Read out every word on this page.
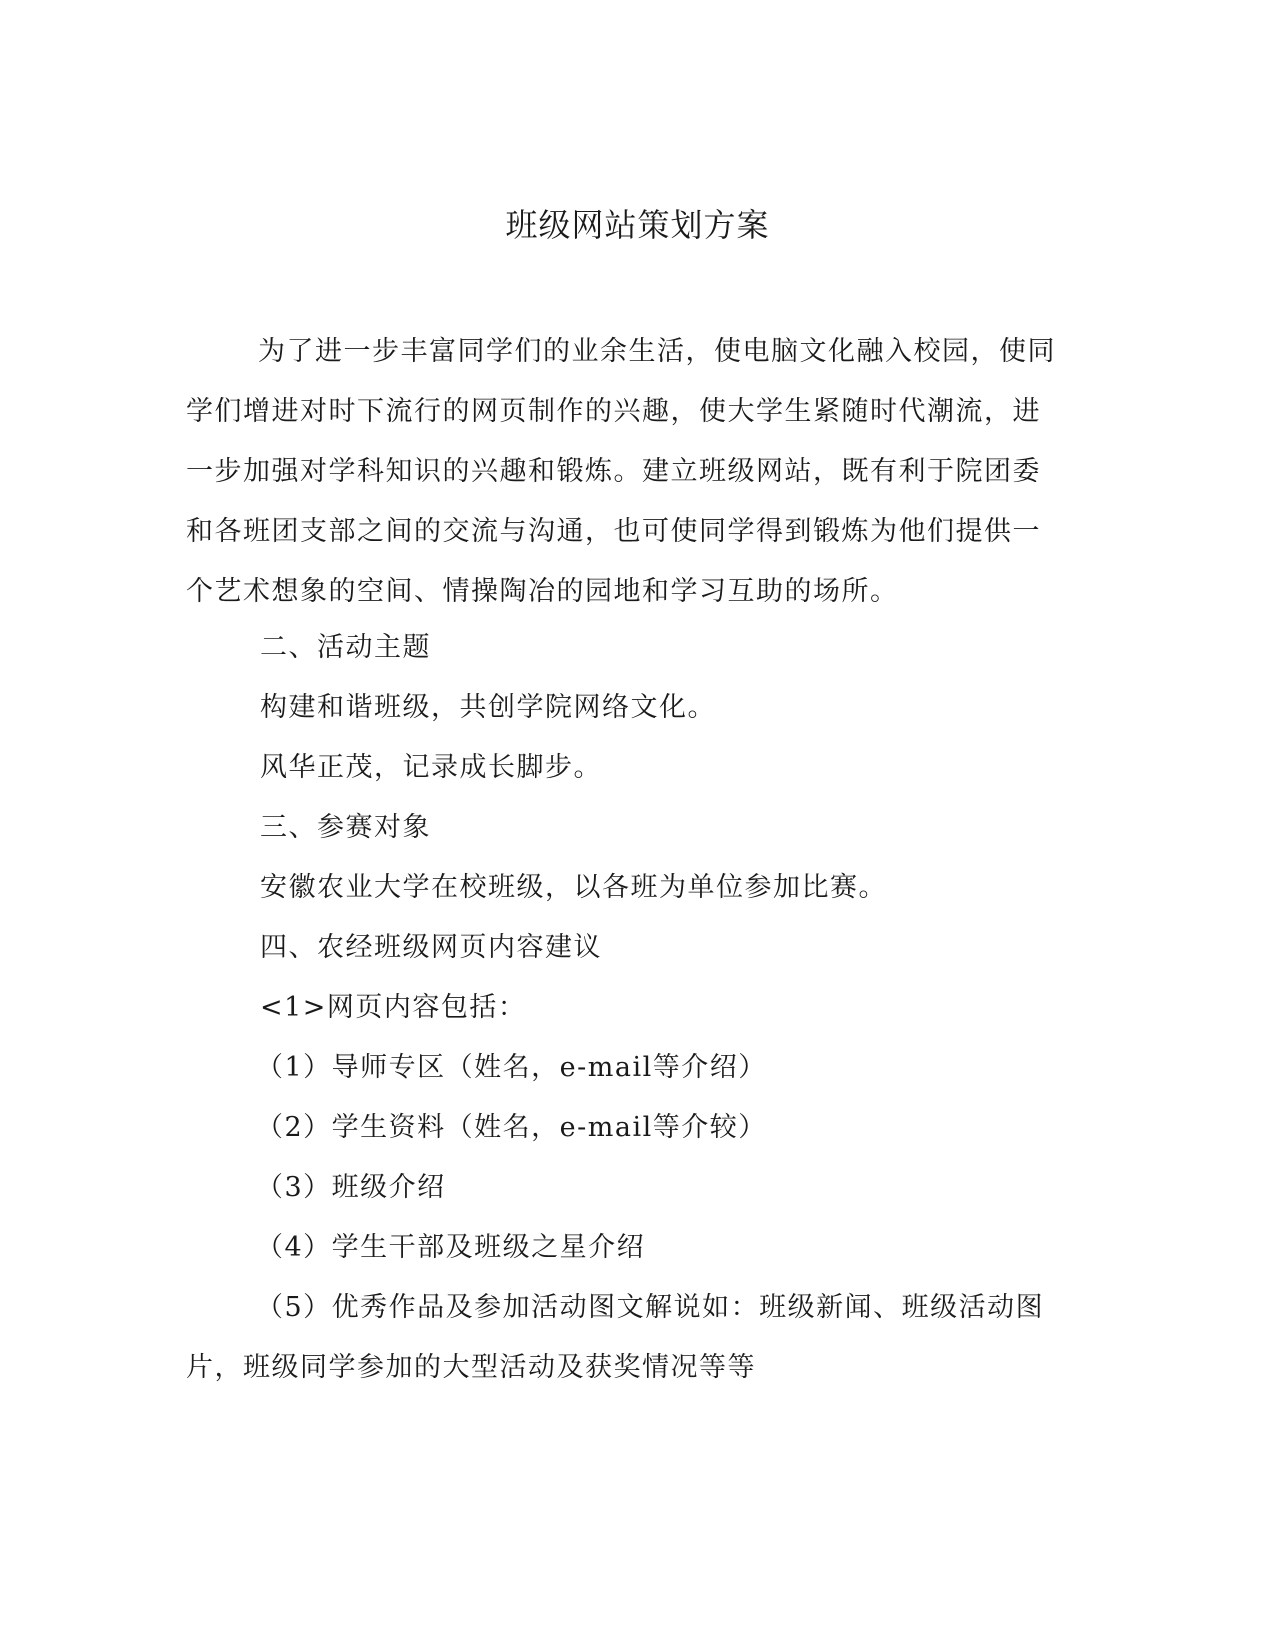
班级网站策划方案
为了进一步丰富同学们的业余生活，使电脑文化融入校园，使同
学们增进对时下流行的网页制作的兴趣，使大学生紧随时代潮流，进
一步加强对学科知识的兴趣和锻炼。建立班级网站，既有利于院团委
和各班团支部之间的交流与沟通，也可使同学得到锻炼为他们提供一
个艺术想象的空间、情操陶冶的园地和学习互助的场所。

二、活动主题

构建和谐班级，共创学院网络文化。

风华正茂，记录成长脚步。

三、参赛对象

安徽农业大学在校班级，以各班为单位参加比赛。

四、农经班级网页内容建议

<1>网页内容包括：

（1）导师专区（姓名，e-mail等介绍）

（2）学生资料（姓名，e-mail等介较）

（3）班级介绍

（4）学生干部及班级之星介绍

（5）优秀作品及参加活动图文解说如：班级新闻、班级活动图

片，班级同学参加的大型活动及获奖情况等等
